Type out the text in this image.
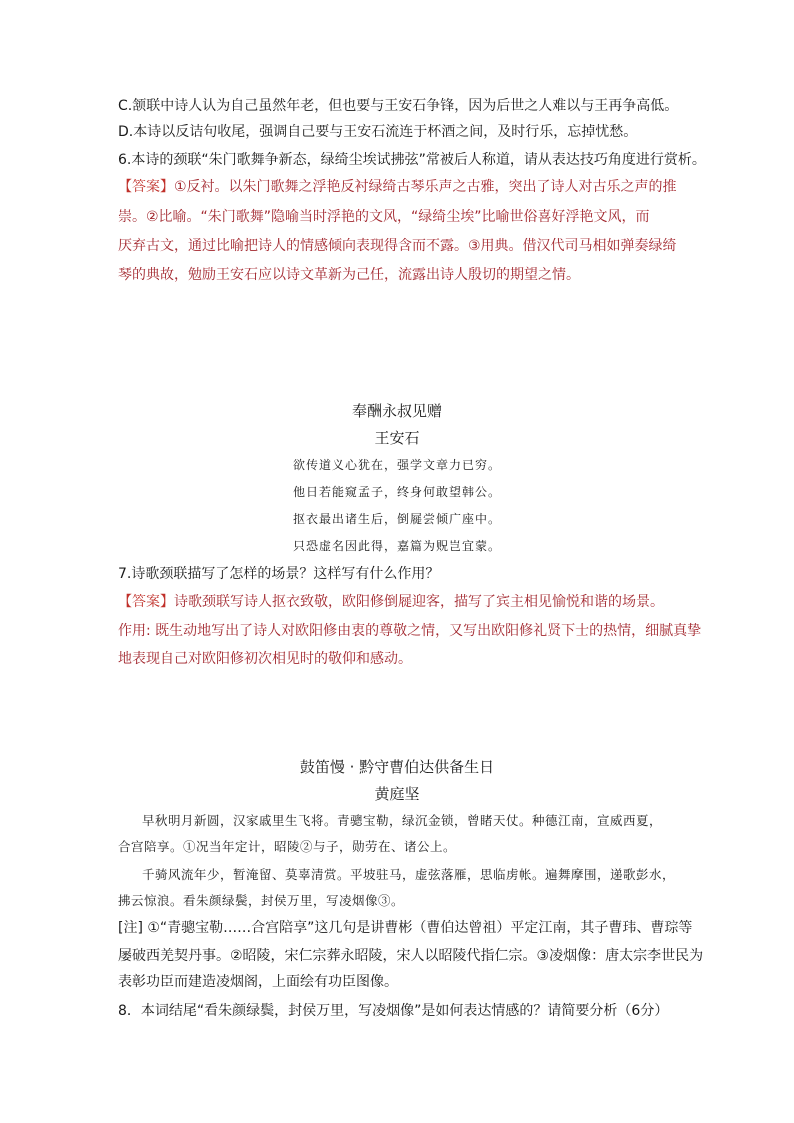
C.颔联中诗人认为自己虽然年老，但也要与王安石争锋，因为后世之人难以与王再争高低。
D.本诗以反诘句收尾，强调自己要与王安石流连于杯酒之间，及时行乐，忘掉忧愁。
6.本诗的颈联“朱门歌舞争新态，绿绮尘埃试拂弦”常被后人称道，请从表达技巧角度进行赏析。
【答案】①反衬。以朱门歌舞之浮艳反衬绿绮古琴乐声之古雅，突出了诗人对古乐之声的推
崇。②比喻。“朱门歌舞”隐喻当时浮艳的文风，“绿绮尘埃”比喻世俗喜好浮艳文风，而
厌弃古文，通过比喻把诗人的情感倾向表现得含而不露。③用典。借汉代司马相如弹奏绿绮
琴的典故，勉励王安石应以诗文革新为己任，流露出诗人殷切的期望之情。
奉酬永叔见赠
王安石
欲传道义心犹在，强学文章力已穷。
他日若能窥孟子，终身何敢望韩公。
抠衣最出诸生后，倒屣尝倾广座中。
只恐虚名因此得，嘉篇为贶岂宜蒙。
7.诗歌颈联描写了怎样的场景？这样写有什么作用？
【答案】诗歌颈联写诗人抠衣致敬，欧阳修倒屣迎客，描写了宾主相见愉悦和谐的场景。
作用: 既生动地写出了诗人对欧阳修由衷的尊敬之情，又写出欧阳修礼贤下士的热情，细腻真挚
地表现自己对欧阳修初次相见时的敬仰和感动。
鼓笛慢 · 黔守曹伯达供备生日
黄庭坚
早秋明月新圆，汉家戚里生飞将。青骢宝勒，绿沉金锁，曾睹天仗。种德江南，宣威西夏，
合宫陪享。①况当年定计，昭陵②与子，勋劳在、诸公上。
千骑风流年少，暂淹留、莫辜清赏。平坡驻马，虚弦落雁，思临虏帐。遍舞摩围，递歌彭水，
拂云惊浪。看朱颜绿鬓，封侯万里，写凌烟像③。
[注] ①“青骢宝勒……合宫陪享”这几句是讲曹彬（曹伯达曾祖）平定江南，其子曹玮、曹琮等
屡破西羌契丹事。②昭陵，宋仁宗葬永昭陵，宋人以昭陵代指仁宗。③凌烟像：唐太宗李世民为
表彰功臣而建造凌烟阁，上面绘有功臣图像。
8．本词结尾“看朱颜绿鬓，封侯万里，写凌烟像”是如何表达情感的？请简要分析（6分）
